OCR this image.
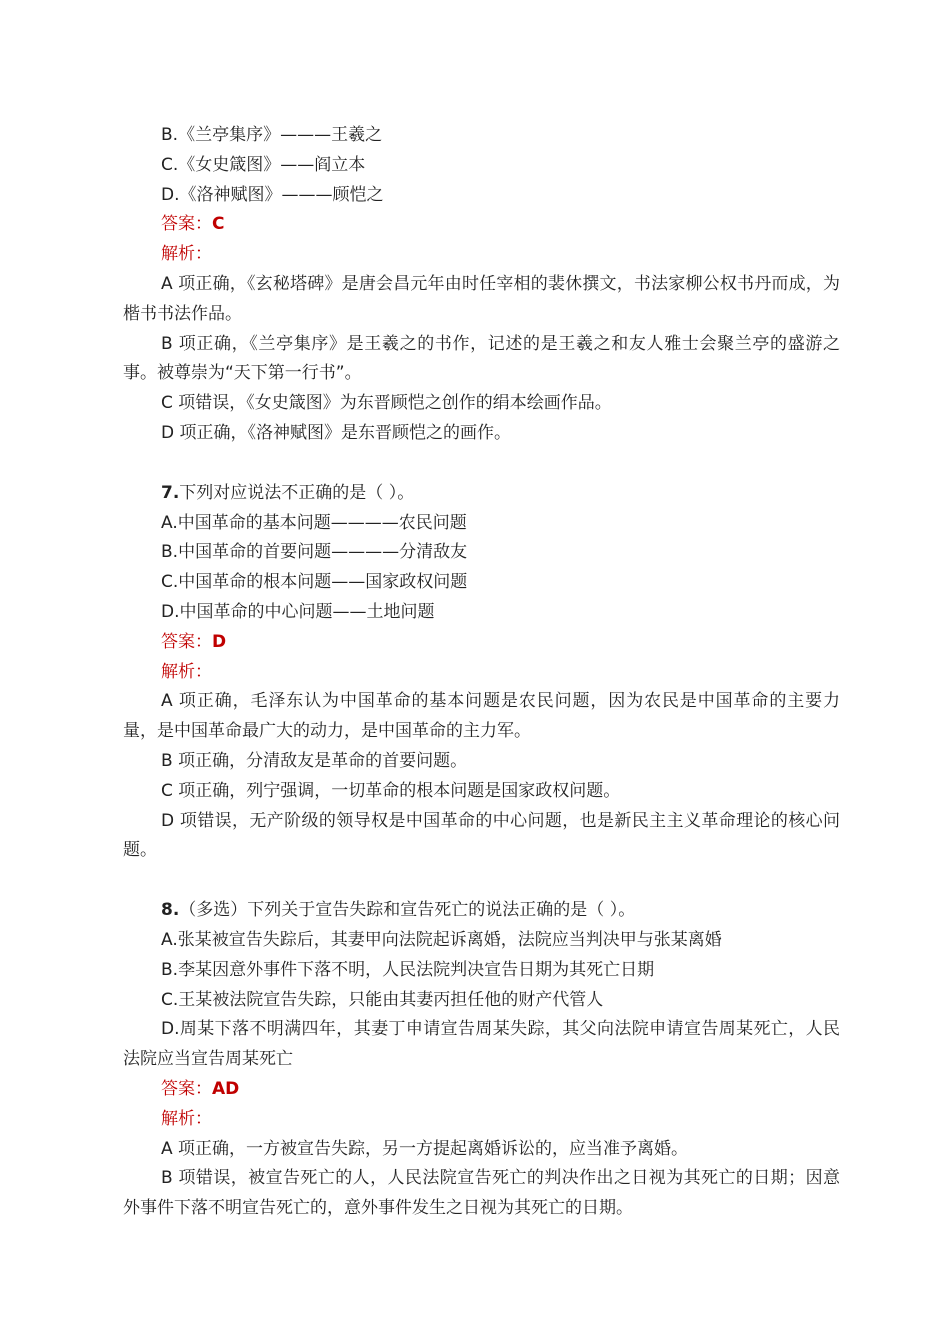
B.《兰亭集序》———王羲之
C.《女史箴图》——阎立本
D.《洛神赋图》———顾恺之
答案：C
解析：
A 项正确，《玄秘塔碑》是唐会昌元年由时任宰相的裴休撰文，书法家柳公权书丹而成，为楷书书法作品。
B 项正确，《兰亭集序》是王羲之的书作，记述的是王羲之和友人雅士会聚兰亭的盛游之事。被尊崇为“天下第一行书”。
C 项错误，《女史箴图》为东晋顾恺之创作的绢本绘画作品。
D 项正确，《洛神赋图》是东晋顾恺之的画作。
7.下列对应说法不正确的是（ ）。
A.中国革命的基本问题————农民问题
B.中国革命的首要问题————分清敌友
C.中国革命的根本问题——国家政权问题
D.中国革命的中心问题——土地问题
答案：D
解析：
A 项正确，毛泽东认为中国革命的基本问题是农民问题，因为农民是中国革命的主要力量，是中国革命最广大的动力，是中国革命的主力军。
B 项正确，分清敌友是革命的首要问题。
C 项正确，列宁强调，一切革命的根本问题是国家政权问题。
D 项错误，无产阶级的领导权是中国革命的中心问题，也是新民主主义革命理论的核心问题。
8.（多选）下列关于宣告失踪和宣告死亡的说法正确的是（ ）。
A.张某被宣告失踪后，其妻甲向法院起诉离婚，法院应当判决甲与张某离婚
B.李某因意外事件下落不明，人民法院判决宣告日期为其死亡日期
C.王某被法院宣告失踪，只能由其妻丙担任他的财产代管人
D.周某下落不明满四年，其妻丁申请宣告周某失踪，其父向法院申请宣告周某死亡，人民法院应当宣告周某死亡
答案：AD
解析：
A 项正确，一方被宣告失踪，另一方提起离婚诉讼的，应当准予离婚。
B 项错误，被宣告死亡的人，人民法院宣告死亡的判决作出之日视为其死亡的日期；因意外事件下落不明宣告死亡的，意外事件发生之日视为其死亡的日期。
